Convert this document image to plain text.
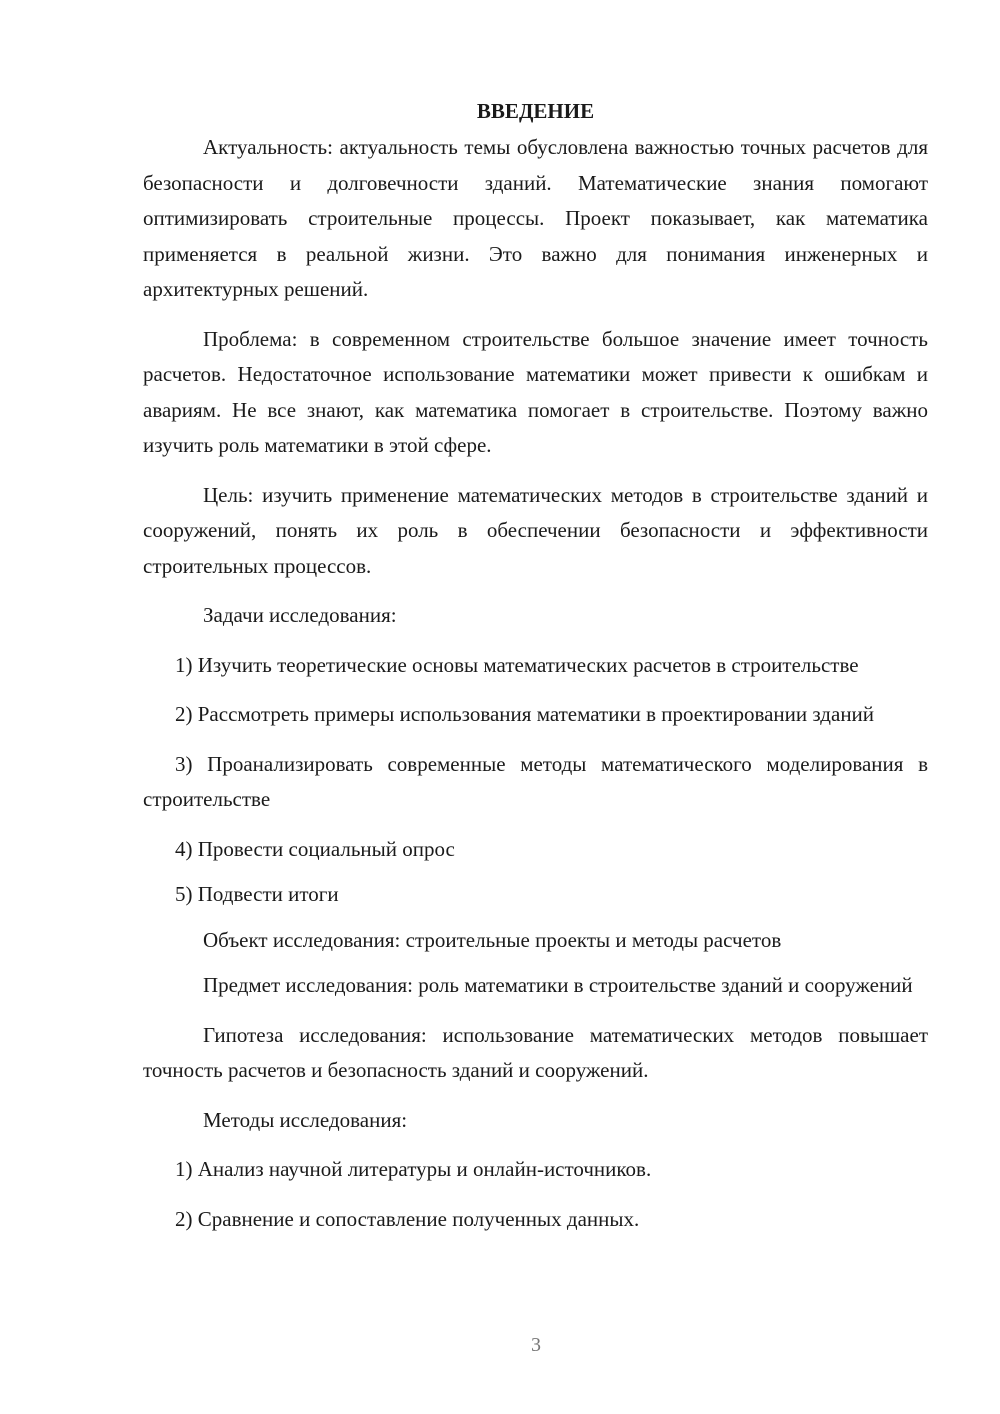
ВВЕДЕНИЕ

Актуальность: актуальность темы обусловлена важностью точных расчетов для безопасности и долговечности зданий. Математические знания помогают оптимизировать строительные процессы. Проект показывает, как математика применяется в реальной жизни. Это важно для понимания инженерных и архитектурных решений.

Проблема: в современном строительстве большое значение имеет точность расчетов. Недостаточное использование математики может привести к ошибкам и авариям. Не все знают, как математика помогает в строительстве. Поэтому важно изучить роль математики в этой сфере.

Цель: изучить применение математических методов в строительстве зданий и сооружений, понять их роль в обеспечении безопасности и эффективности строительных процессов.

Задачи исследования:

1) Изучить теоретические основы математических расчетов в строительстве

2) Рассмотреть примеры использования математики в проектировании зданий

3) Проанализировать современные методы математического моделирования в строительстве

4) Провести социальный опрос

5) Подвести итоги

Объект исследования: строительные проекты и методы расчетов

Предмет исследования: роль математики в строительстве зданий и сооружений

Гипотеза исследования: использование математических методов повышает точность расчетов и безопасность зданий и сооружений.

Методы исследования:

1) Анализ научной литературы и онлайн-источников.

2) Сравнение и сопоставление полученных данных.

3
